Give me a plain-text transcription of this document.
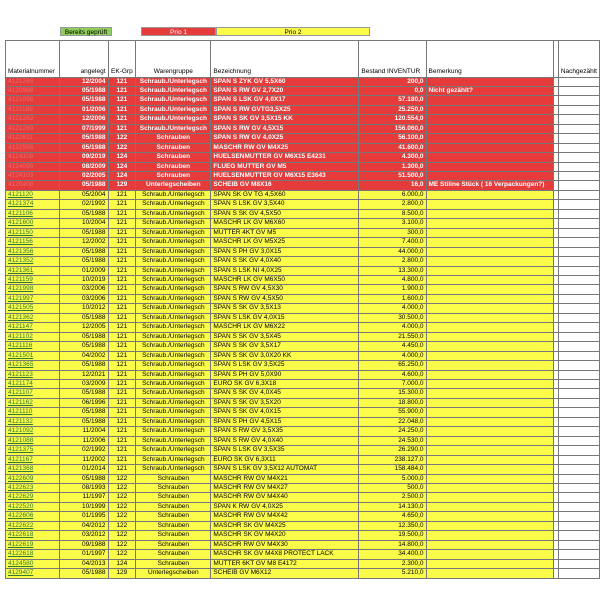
Bereits geprüft	Prio 1	Prio 2

Materialnummer	angelegt	EK-Grp	Warengruppe	Bezeichnung	Bestand INVENTUR	Bemerkung		Nachgezählt
4121268	12/2004	121	Schraub./Unterlegsch	SPAN S ZYK GV 5,5X60	200,0			
4120988	05/1988	121	Schraub./Unterlegsch	SPAN S RW GV 2,7X20	0,0	Nicht gezählt?		
4121098	05/1988	121	Schraub./Unterlegsch	SPAN S LSK GV 4,0X17	57.180,0			
4121188	01/2006	121	Schraub./Unterlegsch	SPAN S RW GVTG3,5X25	25.250,0			
4121262	12/2006	121	Schraub./Unterlegsch	SPAN S SK GV 3,5X15 KK	120.554,0			
4121289	07/1999	121	Schraub./Unterlegsch	SPAN S RW GV 4,5X15	156.060,0			
4122611	05/1988	122	Schrauben	SPAN S RW GV 4,0X25	56.100,0			
4122598	05/1988	122	Schrauben	MASCHR RW GV M4X25	41.600,0			
4124108	09/2019	124	Schrauben	HUELSENMUTTER GV M6X15 E4231	4.300,0			
4124099	08/2009	124	Schrauben	FLUEG MUTTER GV M5	1.300,0			
4124103	02/2005	124	Schrauben	HUELSENMUTTER GV M6X15 E3643	51.500,0			
4129408	05/1988	129	Unterlegscheiben	SCHEIB GV M8X16	16,0	ME Stiline Stück ( 16 Verpackungen?)		
4121120	05/2004	121	Schraub./Unterlegsch	SPAN SK GV TG 4,5X60	6.000,0			
4121374	02/1992	121	Schraub./Unterlegsch	SPAN S LSK GV 3,5X40	2.800,0			
4121106	05/1988	121	Schraub./Unterlegsch	SPAN S SK GV 4,5X50	8.500,0			
4121600	10/2004	121	Schraub./Unterlegsch	MASCHR LK GV M6X60	3.100,0			
4121150	05/1988	121	Schraub./Unterlegsch	MUTTER 4KT GV M5	300,0			
4121156	12/2002	121	Schraub./Unterlegsch	MASCHR LK GV M5X25	7.400,0			
4121356	05/1988	121	Schraub./Unterlegsch	SPAN S PH GV 3,0X15	44.000,0			
4121352	05/1988	121	Schraub./Unterlegsch	SPAN S SK GV 4,0X40	2.800,0			
4121361	01/2009	121	Schraub./Unterlegsch	SPAN S LSK NI 4,0X25	13.300,0			
4121159	10/2019	121	Schraub./Unterlegsch	MASCHR LK GV M6X50	4.800,0			
4121998	03/2006	121	Schraub./Unterlegsch	SPAN S RW GV 4,5X30	1.900,0			
4121997	03/2006	121	Schraub./Unterlegsch	SPAN S RW GV 4,5X50	1.600,0			
4121505	10/2012	121	Schraub./Unterlegsch	SPAN S SK GV 3,5X13	4.000,0			
4121362	05/1988	121	Schraub./Unterlegsch	SPAN S LSK GV 4,0X15	30.500,0			
4121147	12/2005	121	Schraub./Unterlegsch	MASCHR LK GV M6X22	4.000,0			
4121102	05/1988	121	Schraub./Unterlegsch	SPAN S SK GV 3,5X45	21.550,0			
4121116	05/1988	121	Schraub./Unterlegsch	SPAN S SK GV 3,5X17	4.450,0			
4121501	04/2002	121	Schraub./Unterlegsch	SPAN S SK GV 3,0X20 KK	4.000,0			
4121365	05/1988	121	Schraub./Unterlegsch	SPAN S LSK GV 3,5X25	65.250,0			
4121123	12/2021	121	Schraub./Unterlegsch	SPAN S PH GV 5,0X90	4.600,0			
4121174	03/2009	121	Schraub./Unterlegsch	EURO SK GV 6,3X18	7.000,0			
4121107	05/1988	121	Schraub./Unterlegsch	SPAN S SK GV 4,0X45	15.300,0			
4121162	06/1996	121	Schraub./Unterlegsch	SPAN S SK GV 3,5X20	18.800,0			
4121110	05/1988	121	Schraub./Unterlegsch	SPAN S SK GV 4,0X15	55.900,0			
4121132	05/1988	121	Schraub./Unterlegsch	SPAN S PH GV 4,5X15	22.048,0			
4121092	11/2004	121	Schraub./Unterlegsch	SPAN S RW GV 3,5X35	24.250,0			
4121088	11/2006	121	Schraub./Unterlegsch	SPAN S RW GV 4,0X40	24.530,0			
4121375	02/1992	121	Schraub./Unterlegsch	SPAN S LSK GV 3,5X35	26.290,0			
4121167	11/2002	121	Schraub./Unterlegsch	EURO SK GV 6,3X11	238.127,0			
4121368	01/2014	121	Schraub./Unterlegsch	SPAN S LSK GV 3,5X12 AUTOMAT	158.484,0			
4122609	05/1988	122	Schrauben	MASCHR RW GV M4X21	5.000,0			
4122623	08/1993	122	Schrauben	MASCHR RW GV M4X27	500,0			
4122629	11/1997	122	Schrauben	MASCHR RW GV M4X40	2.500,0			
4122520	10/1999	122	Schrauben	SPAN K RW GV 4,0X25	14.130,0			
4122606	01/1995	122	Schrauben	MASCHR RW GV M4X42	4.650,0			
4122622	04/2012	122	Schrauben	MASCHR SK GV M4X25	12.350,0			
4122618	03/2012	122	Schrauben	MASCHR SK GV M4X20	19.500,0			
4122619	09/1988	122	Schrauben	MASCHR RW GV M4X30	14.800,0			
4122618	01/1997	122	Schrauben	MASCHR SK GV M4X8 PROTECT LACK	34.400,0			
4124580	04/2013	124	Schrauben	MUTTER 6KT GV M8 E4172	2.300,0			
4129407	05/1988	129	Unterlegscheiben	SCHEIB GV M6X12	5.210,0			
